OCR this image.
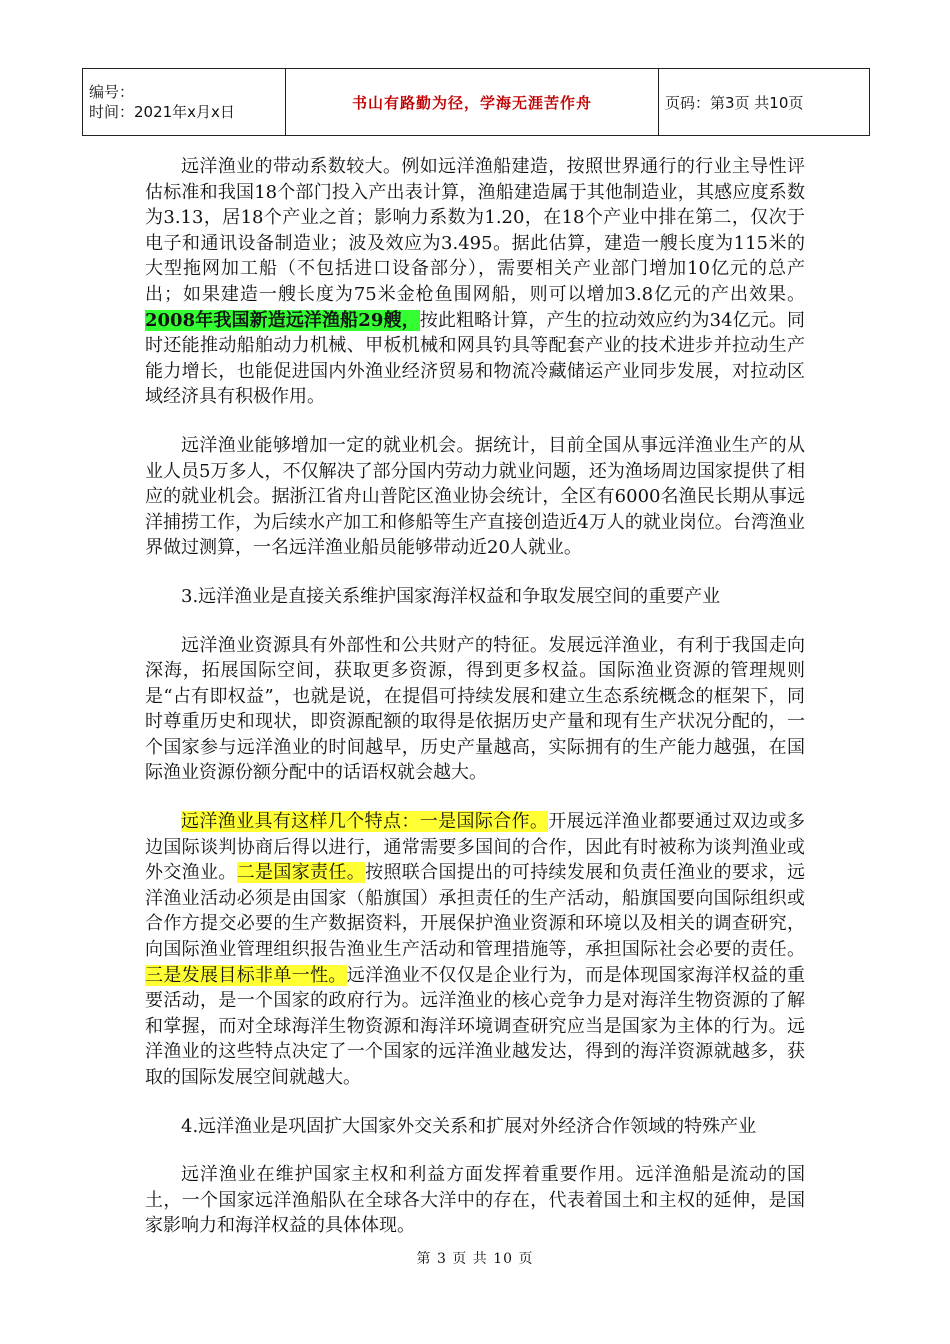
编号：
时间：2021年x月x日
	书山有路勤为径，学海无涯苦作舟	页码：第3页 共10页

远洋渔业的带动系数较大。例如远洋渔船建造，按照世界通行的行业主导性评估标准和我国18个部门投入产出表计算，渔船建造属于其他制造业，其感应度系数为3.13，居18个产业之首；影响力系数为1.20，在18个产业中排在第二，仅次于电子和通讯设备制造业；波及效应为3.495。据此估算，建造一艘长度为115米的大型拖网加工船（不包括进口设备部分），需要相关产业部门增加10亿元的总产出；如果建造一艘长度为75米金枪鱼围网船，则可以增加3.8亿元的产出效果。2008年我国新造远洋渔船29艘，按此粗略计算，产生的拉动效应约为34亿元。同时还能推动船舶动力机械、甲板机械和网具钓具等配套产业的技术进步并拉动生产能力增长，也能促进国内外渔业经济贸易和物流冷藏储运产业同步发展，对拉动区域经济具有积极作用。

远洋渔业能够增加一定的就业机会。据统计，目前全国从事远洋渔业生产的从业人员5万多人，不仅解决了部分国内劳动力就业问题，还为渔场周边国家提供了相应的就业机会。据浙江省舟山普陀区渔业协会统计，全区有6000名渔民长期从事远洋捕捞工作，为后续水产加工和修船等生产直接创造近4万人的就业岗位。台湾渔业界做过测算，一名远洋渔业船员能够带动近20人就业。

3.远洋渔业是直接关系维护国家海洋权益和争取发展空间的重要产业

远洋渔业资源具有外部性和公共财产的特征。发展远洋渔业，有利于我国走向深海，拓展国际空间，获取更多资源，得到更多权益。国际渔业资源的管理规则是“占有即权益”，也就是说，在提倡可持续发展和建立生态系统概念的框架下，同时尊重历史和现状，即资源配额的取得是依据历史产量和现有生产状况分配的，一个国家参与远洋渔业的时间越早，历史产量越高，实际拥有的生产能力越强，在国际渔业资源份额分配中的话语权就会越大。

远洋渔业具有这样几个特点：一是国际合作。开展远洋渔业都要通过双边或多边国际谈判协商后得以进行，通常需要多国间的合作，因此有时被称为谈判渔业或外交渔业。二是国家责任。按照联合国提出的可持续发展和负责任渔业的要求，远洋渔业活动必须是由国家（船旗国）承担责任的生产活动，船旗国要向国际组织或合作方提交必要的生产数据资料，开展保护渔业资源和环境以及相关的调查研究，向国际渔业管理组织报告渔业生产活动和管理措施等，承担国际社会必要的责任。三是发展目标非单一性。远洋渔业不仅仅是企业行为，而是体现国家海洋权益的重要活动，是一个国家的政府行为。远洋渔业的核心竞争力是对海洋生物资源的了解和掌握，而对全球海洋生物资源和海洋环境调查研究应当是国家为主体的行为。远洋渔业的这些特点决定了一个国家的远洋渔业越发达，得到的海洋资源就越多，获取的国际发展空间就越大。

4.远洋渔业是巩固扩大国家外交关系和扩展对外经济合作领域的特殊产业

远洋渔业在维护国家主权和利益方面发挥着重要作用。远洋渔船是流动的国土，一个国家远洋渔船队在全球各大洋中的存在，代表着国土和主权的延伸，是国家影响力和海洋权益的具体体现。

第 3 页 共 10 页
